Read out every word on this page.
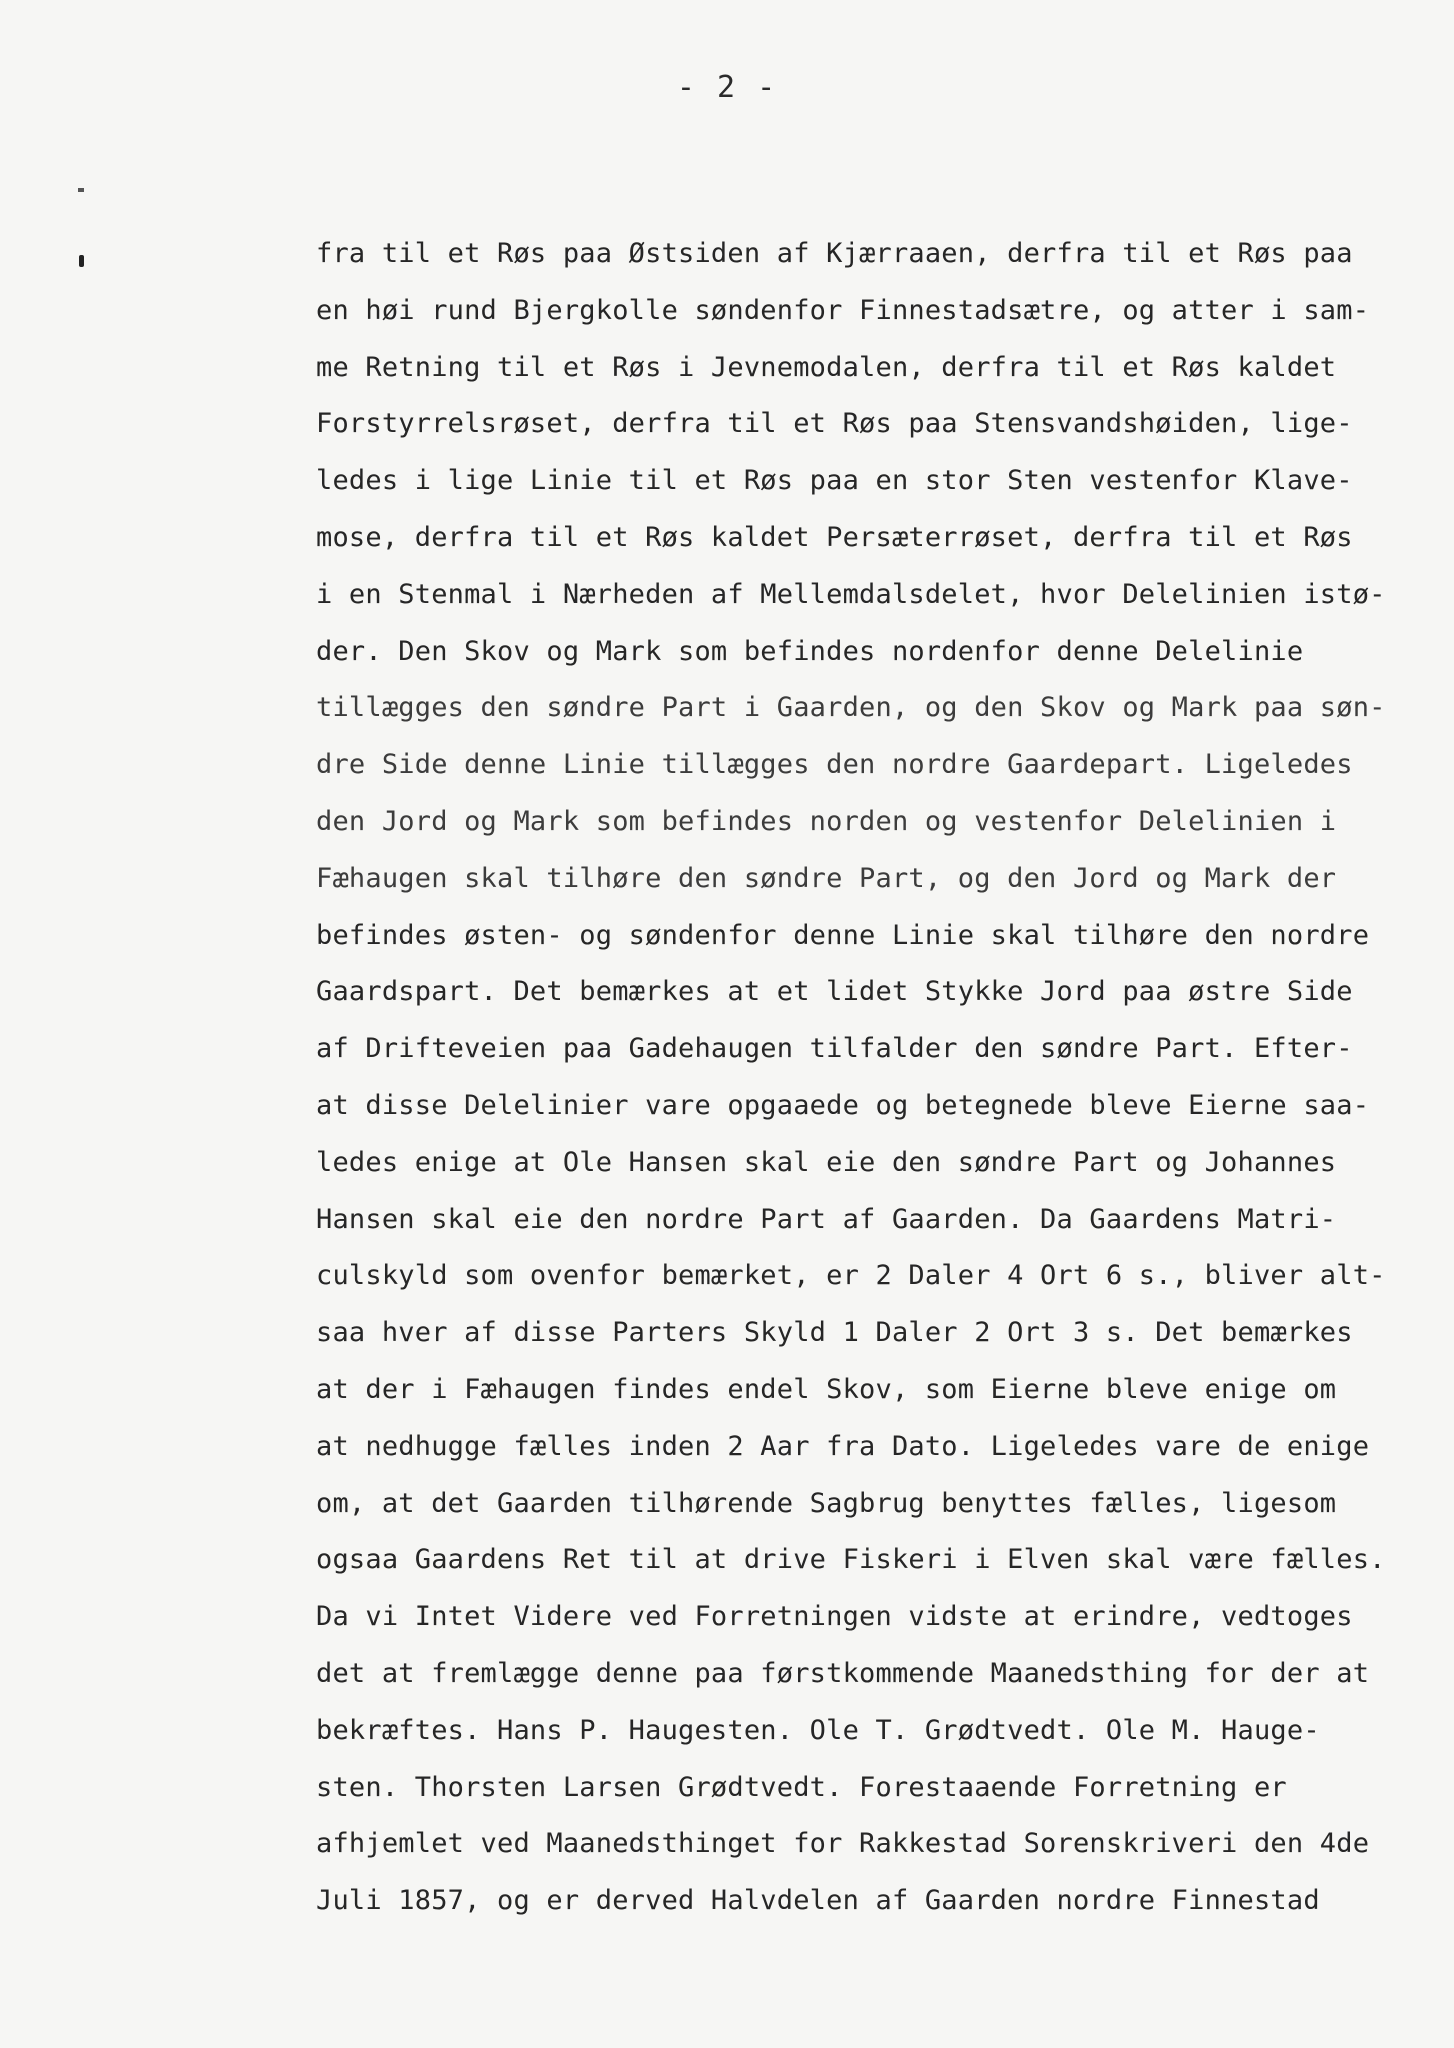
- 2 -
fra til et Røs paa Østsiden af Kjærraaen, derfra til et Røs paa
en høi rund Bjergkolle søndenfor Finnestadsætre, og atter i sam-
me Retning til et Røs i Jevnemodalen, derfra til et Røs kaldet
Forstyrrelsrøset, derfra til et Røs paa Stensvandshøiden, lige-
ledes i lige Linie til et Røs paa en stor Sten vestenfor Klave-
mose, derfra til et Røs kaldet Persæterrøset, derfra til et Røs
i en Stenmal i Nærheden af Mellemdalsdelet, hvor Delelinien istø-
der. Den Skov og Mark som befindes nordenfor denne Delelinie
tillægges den søndre Part i Gaarden, og den Skov og Mark paa søn-
dre Side denne Linie tillægges den nordre Gaardepart. Ligeledes
den Jord og Mark som befindes norden og vestenfor Delelinien i
Fæhaugen skal tilhøre den søndre Part, og den Jord og Mark der
befindes østen- og søndenfor denne Linie skal tilhøre den nordre
Gaardspart. Det bemærkes at et lidet Stykke Jord paa østre Side
af Drifteveien paa Gadehaugen tilfalder den søndre Part. Efter-
at disse Delelinier vare opgaaede og betegnede bleve Eierne saa-
ledes enige at Ole Hansen skal eie den søndre Part og Johannes
Hansen skal eie den nordre Part af Gaarden. Da Gaardens Matri-
culskyld som ovenfor bemærket, er 2 Daler 4 Ort 6 s., bliver alt-
saa hver af disse Parters Skyld 1 Daler 2 Ort 3 s. Det bemærkes
at der i Fæhaugen findes endel Skov, som Eierne bleve enige om
at nedhugge fælles inden 2 Aar fra Dato. Ligeledes vare de enige
om, at det Gaarden tilhørende Sagbrug benyttes fælles, ligesom
ogsaa Gaardens Ret til at drive Fiskeri i Elven skal være fælles.
Da vi Intet Videre ved Forretningen vidste at erindre, vedtoges
det at fremlægge denne paa førstkommende Maanedsthing for der at
bekræftes. Hans P. Haugesten. Ole T. Grødtvedt. Ole M. Hauge-
sten. Thorsten Larsen Grødtvedt. Forestaaende Forretning er
afhjemlet ved Maanedsthinget for Rakkestad Sorenskriveri den 4de
Juli 1857, og er derved Halvdelen af Gaarden nordre Finnestad
